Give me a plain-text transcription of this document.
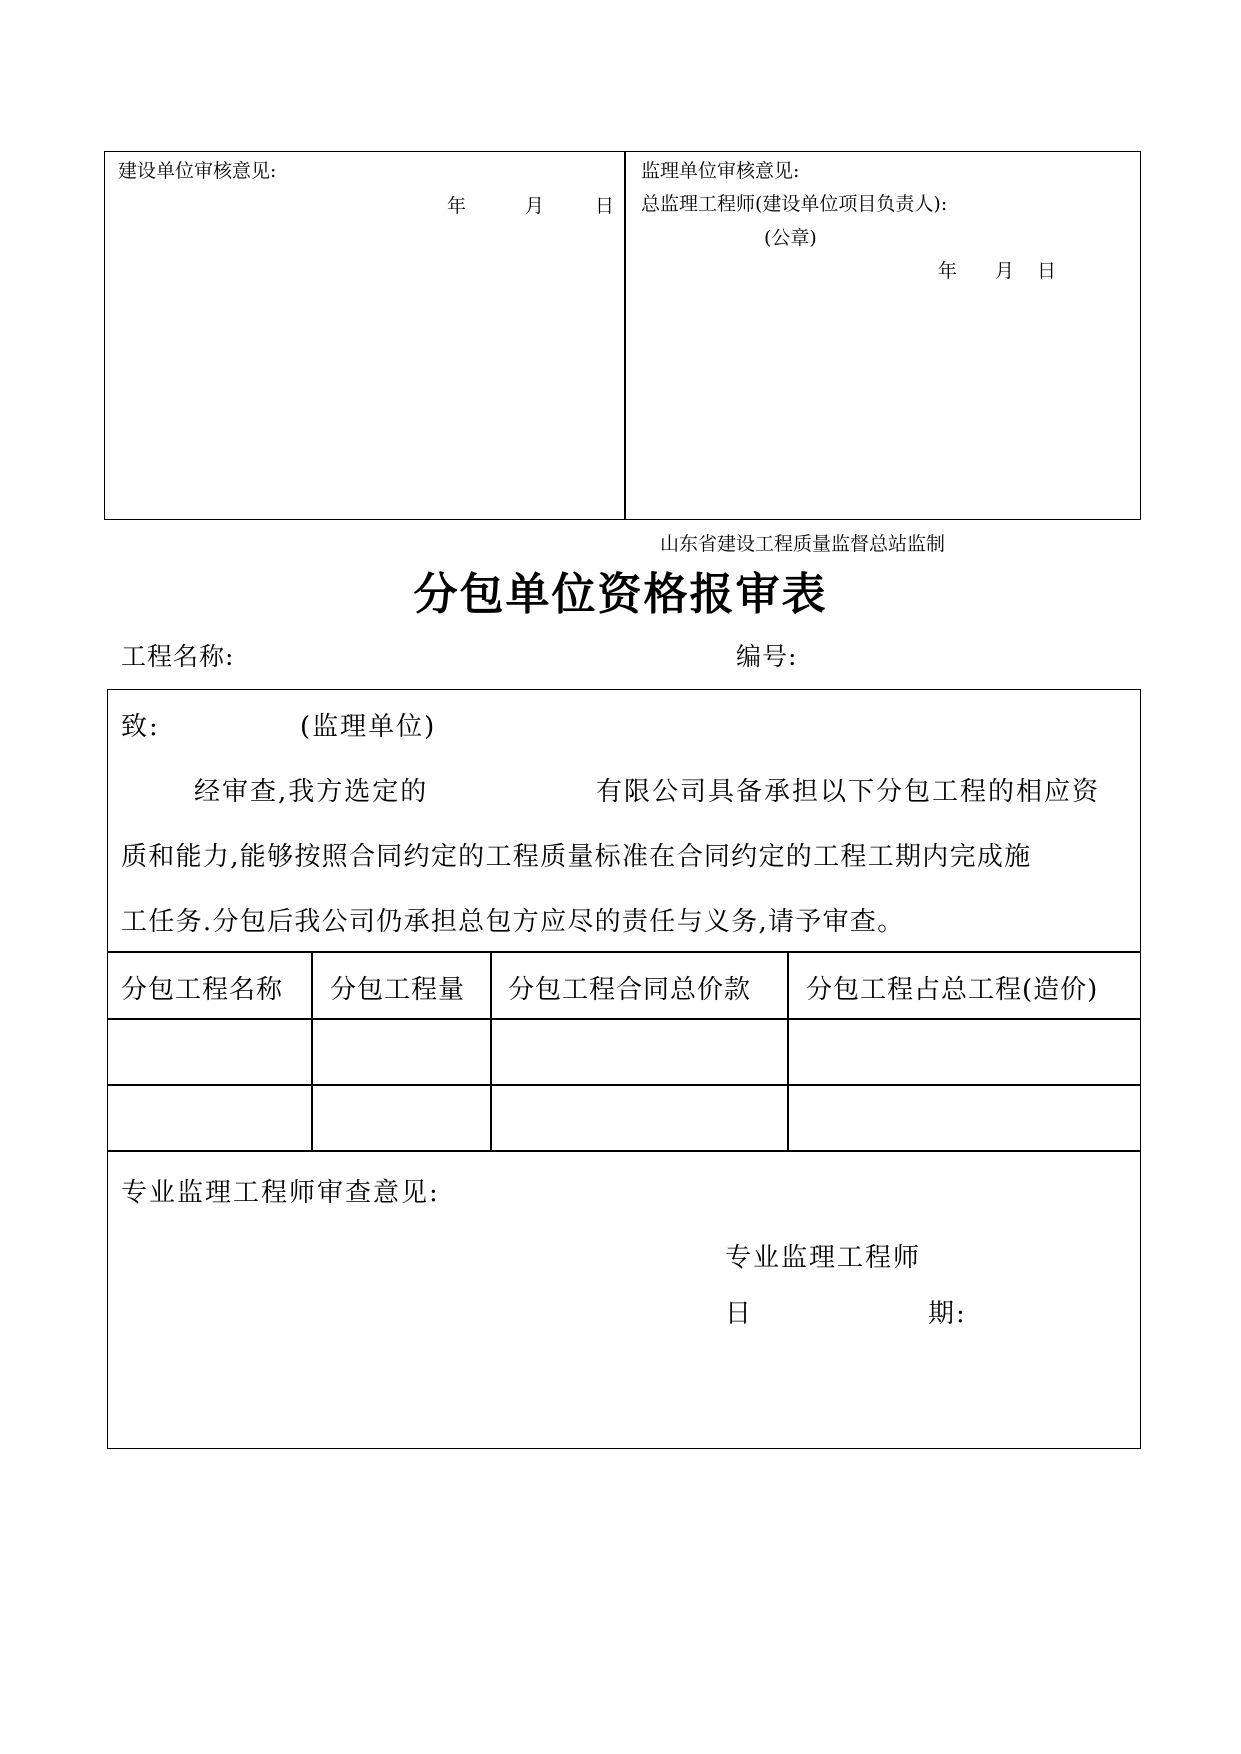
建设单位审核意见:
年	月	日
监理单位审核意见:
总监理工程师(建设单位项目负责人):
(公章)
年 月 日
山东省建设工程质量监督总站监制
分包单位资格报审表
工程名称:	编号:
致:	(监理单位)
经审查,我方选定的	有限公司具备承担以下分包工程的相应资
质和能力,能够按照合同约定的工程质量标准在合同约定的工程工期内完成施
工任务.分包后我公司仍承担总包方应尽的责任与义务,请予审查。
分包工程名称 分包工程量 分包工程合同总价款 分包工程占总工程(造价)
专业监理工程师审查意见:
专业监理工程师
日	期:
